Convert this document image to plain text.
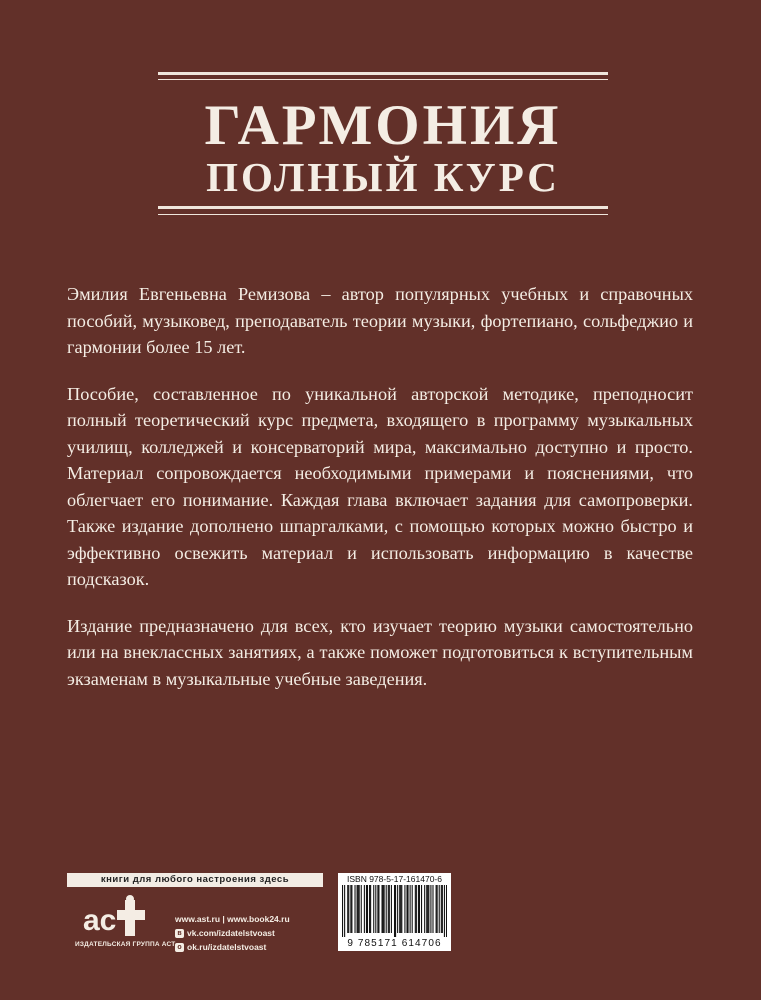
ГАРМОНИЯ
ПОЛНЫЙ КУРС

Эмилия Евгеньевна Ремизова – автор популярных учебных и справочных пособий, музыковед, преподаватель теории музыки, фортепиано, сольфеджио и гармонии более 15 лет.

Пособие, составленное по уникальной авторской методике, преподносит полный теоретический курс предмета, входящего в программу музыкальных училищ, колледжей и консерваторий мира, максимально доступно и просто. Материал сопровождается необходимыми примерами и пояснениями, что облегчает его понимание. Каждая глава включает задания для самопроверки. Также издание дополнено шпаргалками, с помощью которых можно быстро и эффективно освежить материал и использовать информацию в качестве подсказок.

Издание предназначено для всех, кто изучает теорию музыки самостоятельно или на внеклассных занятиях, а также поможет подготовиться к вступительным экзаменам в музыкальные учебные заведения.

книги для любого настроения здесь
ас
ИЗДАТЕЛЬСКАЯ ГРУППА АСТ
www.ast.ru | www.book24.ru
в vk.com/izdatelstvoast
о ok.ru/izdatelstvoast
ISBN 978-5-17-161470-6
9 785171 614706
